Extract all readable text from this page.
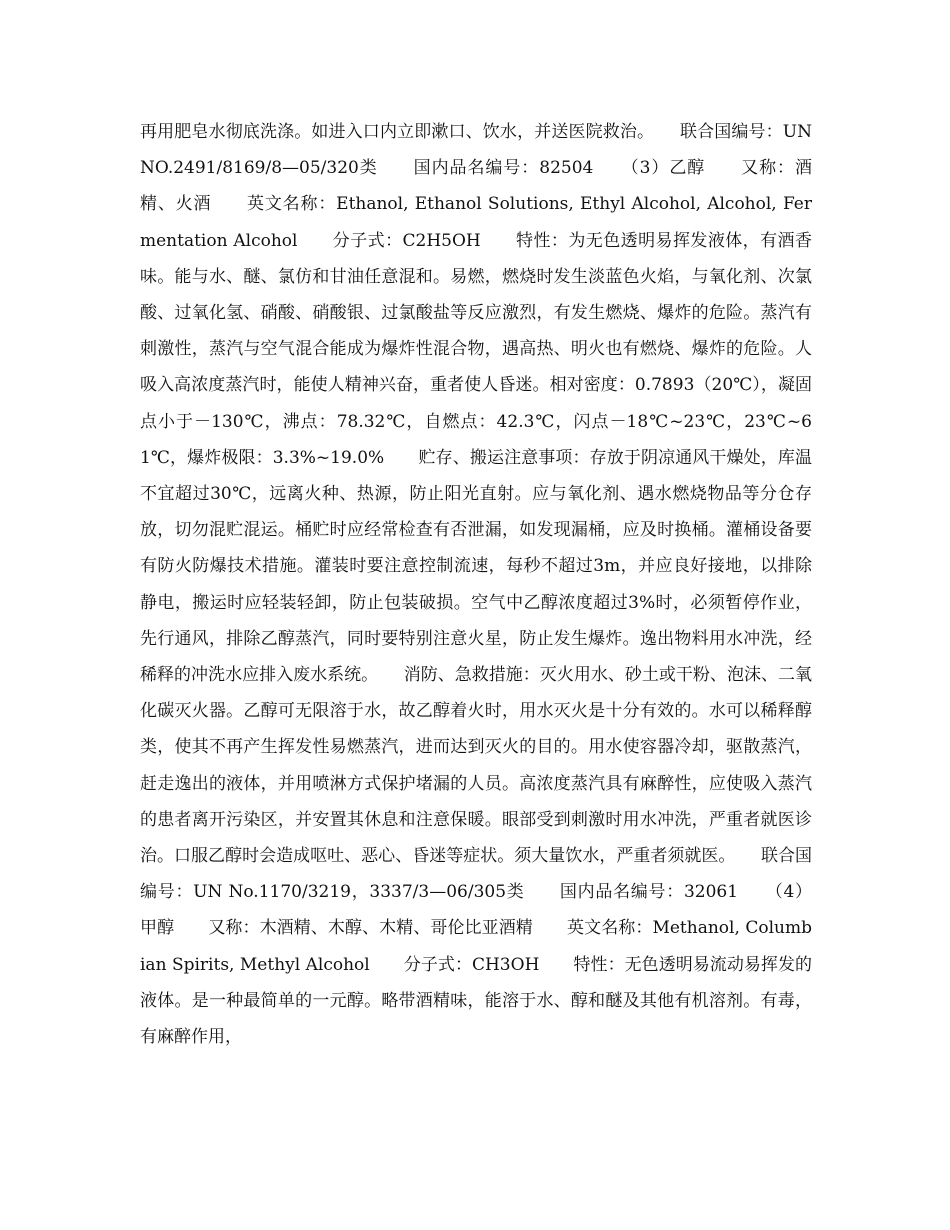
再用肥皂水彻底洗涤。如进入口内立即漱口、饮水，并送医院救治。　　联合国编号：UN NO.2491/8169/8—05/320类　　国内品名编号：82504　　（3）乙醇　　又称：酒精、火酒　　英文名称：Ethanol, Ethanol Solutions, Ethyl Alcohol, Alcohol, Fermentation Alcohol　　分子式：C2H5OH　　特性：为无色透明易挥发液体，有酒香味。能与水、醚、氯仿和甘油任意混和。易燃，燃烧时发生淡蓝色火焰，与氧化剂、次氯酸、过氧化氢、硝酸、硝酸银、过氯酸盐等反应激烈，有发生燃烧、爆炸的危险。蒸汽有刺激性，蒸汽与空气混合能成为爆炸性混合物，遇高热、明火也有燃烧、爆炸的危险。人吸入高浓度蒸汽时，能使人精神兴奋，重者使人昏迷。相对密度：0.7893（20℃），凝固点小于－130℃，沸点：78.32℃，自燃点：42.3℃，闪点－18℃~23℃，23℃~61℃，爆炸极限：3.3%~19.0%　　贮存、搬运注意事项：存放于阴凉通风干燥处，库温不宜超过30℃，远离火种、热源，防止阳光直射。应与氧化剂、遇水燃烧物品等分仓存放，切勿混贮混运。桶贮时应经常检查有否泄漏，如发现漏桶，应及时换桶。灌桶设备要有防火防爆技术措施。灌装时要注意控制流速，每秒不超过3m，并应良好接地，以排除静电，搬运时应轻装轻卸，防止包装破损。空气中乙醇浓度超过3%时，必须暂停作业，先行通风，排除乙醇蒸汽，同时要特别注意火星，防止发生爆炸。逸出物料用水冲洗，经稀释的冲洗水应排入废水系统。　　消防、急救措施：灭火用水、砂土或干粉、泡沫、二氧化碳灭火器。乙醇可无限溶于水，故乙醇着火时，用水灭火是十分有效的。水可以稀释醇类，使其不再产生挥发性易燃蒸汽，进而达到灭火的目的。用水使容器冷却，驱散蒸汽，赶走逸出的液体，并用喷淋方式保护堵漏的人员。高浓度蒸汽具有麻醉性，应使吸入蒸汽的患者离开污染区，并安置其休息和注意保暖。眼部受到刺激时用水冲洗，严重者就医诊治。口服乙醇时会造成呕吐、恶心、昏迷等症状。须大量饮水，严重者须就医。　　联合国编号：UN No.1170/3219，3337/3—06/305类　　国内品名编号：32061　　（4）甲醇　　又称：木酒精、木醇、木精、哥伦比亚酒精　　英文名称：Methanol, Columbian Spirits, Methyl Alcohol　　分子式：CH3OH　　特性：无色透明易流动易挥发的液体。是一种最简单的一元醇。略带酒精味，能溶于水、醇和醚及其他有机溶剂。有毒，有麻醉作用，
